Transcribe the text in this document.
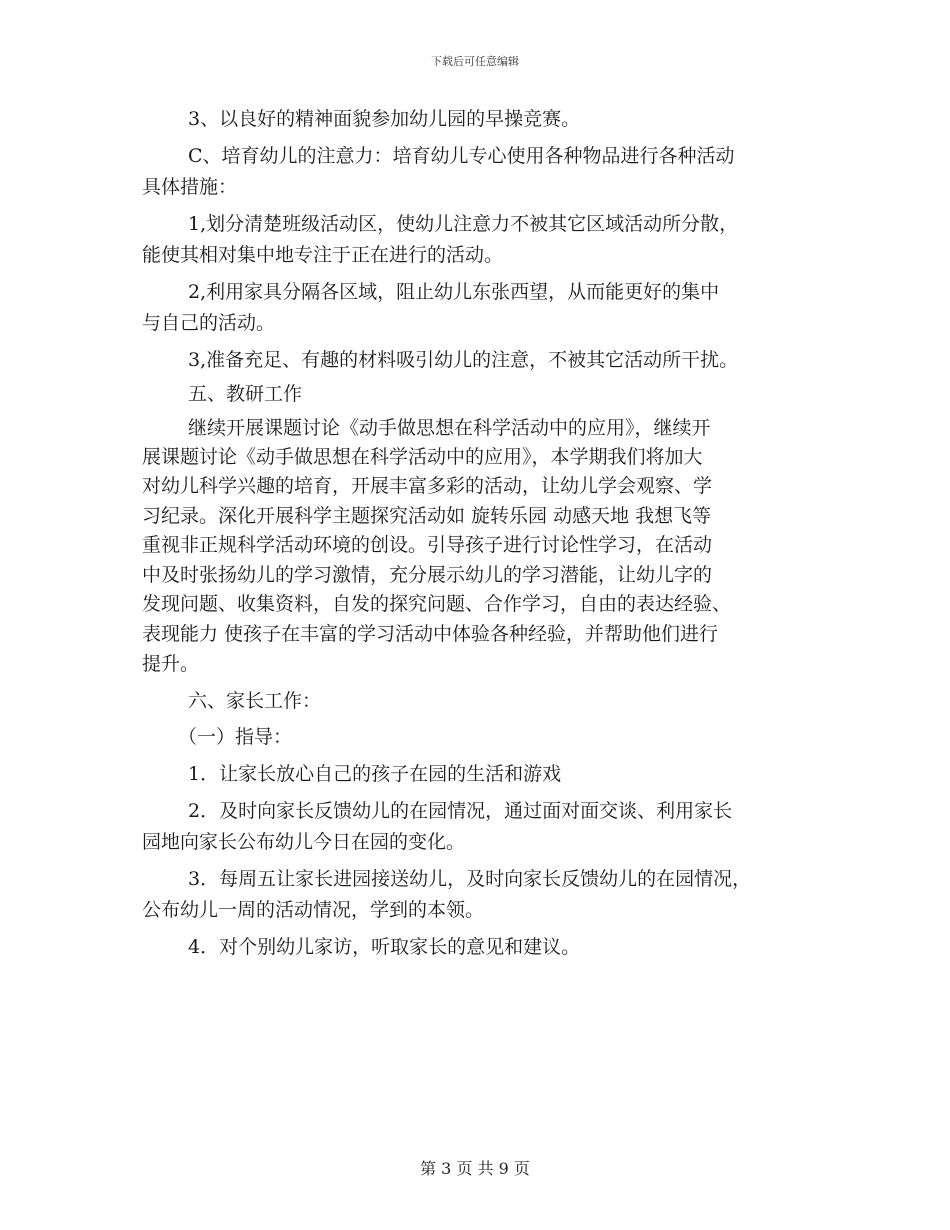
下载后可任意编辑
3、以良好的精神面貌参加幼儿园的早操竞赛。
C、培育幼儿的注意力：培育幼儿专心使用各种物品进行各种活动
具体措施：
1,划分清楚班级活动区，使幼儿注意力不被其它区域活动所分散，
能使其相对集中地专注于正在进行的活动。
2,利用家具分隔各区域，阻止幼儿东张西望，从而能更好的集中
与自己的活动。
3,准备充足、有趣的材料吸引幼儿的注意，不被其它活动所干扰。
五、教研工作
继续开展课题讨论《动手做思想在科学活动中的应用》，继续开
展课题讨论《动手做思想在科学活动中的应用》，本学期我们将加大
对幼儿科学兴趣的培育，开展丰富多彩的活动，让幼儿学会观察、学
习纪录。深化开展科学主题探究活动如 旋转乐园 动感天地 我想飞等
重视非正规科学活动环境的创设。引导孩子进行讨论性学习，在活动
中及时张扬幼儿的学习激情，充分展示幼儿的学习潜能，让幼儿字的
发现问题、收集资料，自发的探究问题、合作学习，自由的表达经验、
表现能力 使孩子在丰富的学习活动中体验各种经验，并帮助他们进行
提升。
六、家长工作：
（一）指导：
1．让家长放心自己的孩子在园的生活和游戏
2．及时向家长反馈幼儿的在园情况，通过面对面交谈、利用家长
园地向家长公布幼儿今日在园的变化。
3．每周五让家长进园接送幼儿，及时向家长反馈幼儿的在园情况，
公布幼儿一周的活动情况，学到的本领。
4．对个别幼儿家访，听取家长的意见和建议。
第 3 页 共 9 页
